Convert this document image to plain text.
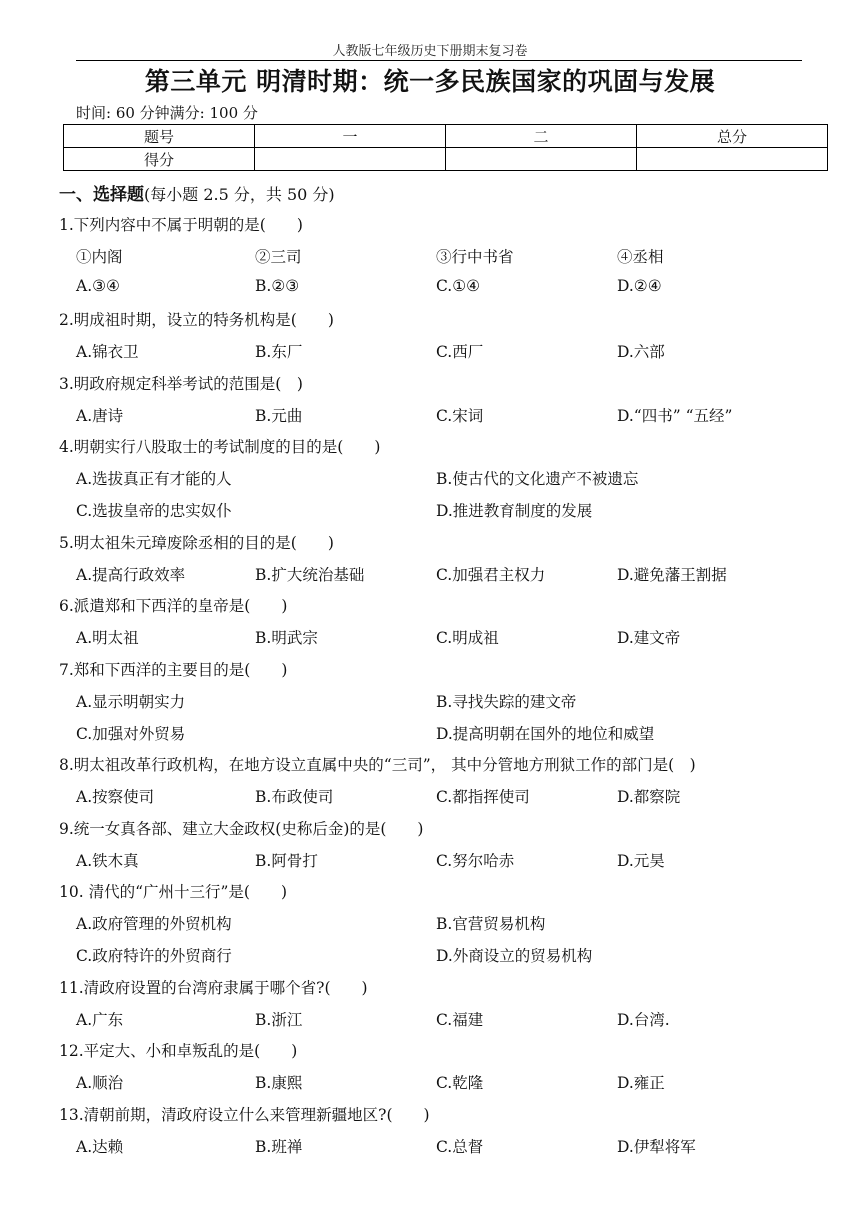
人教版七年级历史下册期末复习卷
第三单元 明清时期：统一多民族国家的巩固与发展
时间: 60 分钟满分: 100 分
题号	一	二	总分
得分			
一、选择题(每小题 2.5 分，共 50 分)
1.下列内容中不属于明朝的是(　　)
①内阁	②三司	③行中书省	④丞相
A.③④	B.②③	C.①④	D.②④
2.明成祖时期，设立的特务机构是(　　)
A.锦衣卫	B.东厂	C.西厂	D.六部
3.明政府规定科举考试的范围是(　)
A.唐诗	B.元曲	C.宋词	D.“四书” “五经”
4.明朝实行八股取士的考试制度的目的是(　　)
A.选拔真正有才能的人	B.使古代的文化遗产不被遗忘
C.选拔皇帝的忠实奴仆	D.推进教育制度的发展
5.明太祖朱元璋废除丞相的目的是(　　)
A.提高行政效率	B.扩大统治基础	C.加强君主权力	D.避免藩王割据
6.派遣郑和下西洋的皇帝是(　　)
A.明太祖	B.明武宗	C.明成祖	D.建文帝
7.郑和下西洋的主要目的是(　　)
A.显示明朝实力	B.寻找失踪的建文帝
C.加强对外贸易	D.提高明朝在国外的地位和威望
8.明太祖改革行政机构，在地方设立直属中央的“三司”， 其中分管地方刑狱工作的部门是(　)
A.按察使司	B.布政使司	C.都指挥使司	D.都察院
9.统一女真各部、建立大金政权(史称后金)的是(　　)
A.铁木真	B.阿骨打	C.努尔哈赤	D.元昊
10. 清代的“广州十三行”是(　　)
A.政府管理的外贸机构	B.官营贸易机构
C.政府特许的外贸商行	D.外商设立的贸易机构
11.清政府设置的台湾府隶属于哪个省?(　　)
A.广东	B.浙江	C.福建	D.台湾.
12.平定大、小和卓叛乱的是(　　)
A.顺治	B.康熙	C.乾隆	D.雍正
13.清朝前期，清政府设立什么来管理新疆地区?(　　)
A.达赖	B.班禅	C.总督	D.伊犁将军
